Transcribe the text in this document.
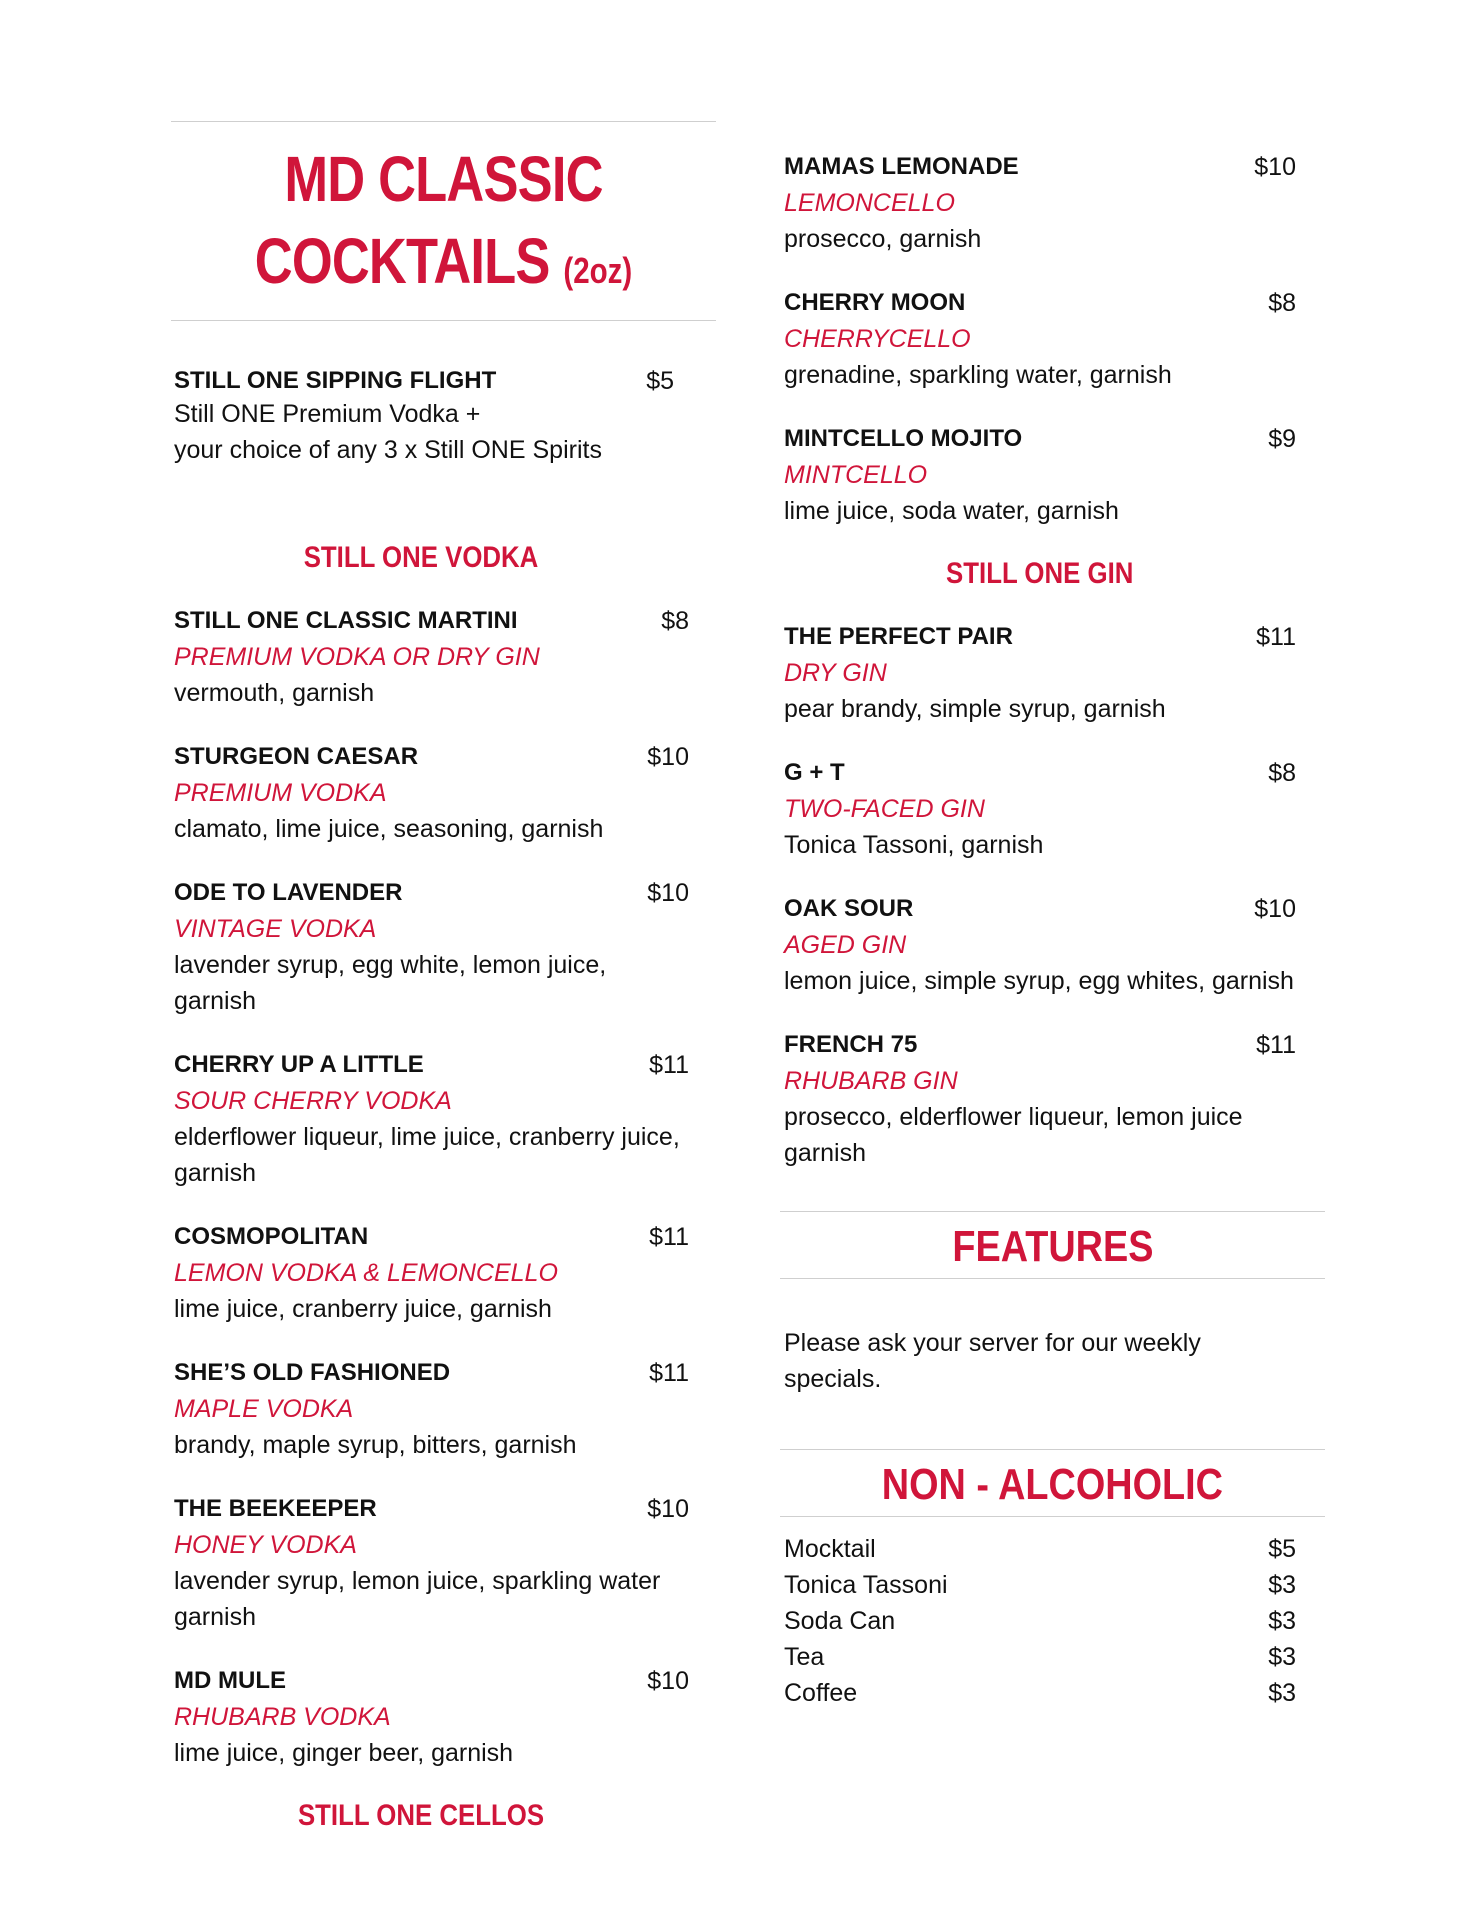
MD CLASSIC
COCKTAILS (2oz)
STILL ONE SIPPING FLIGHT	$5
Still ONE Premium Vodka +
your choice of any 3 x Still ONE Spirits
STILL ONE VODKA
STILL ONE CLASSIC MARTINI	$8
PREMIUM VODKA OR DRY GIN
vermouth, garnish
STURGEON CAESAR	$10
PREMIUM VODKA
clamato, lime juice, seasoning, garnish
ODE TO LAVENDER	$10
VINTAGE VODKA
lavender syrup, egg white, lemon juice, garnish
CHERRY UP A LITTLE	$11
SOUR CHERRY VODKA
elderflower liqueur, lime juice, cranberry juice, garnish
COSMOPOLITAN	$11
LEMON VODKA & LEMONCELLO
lime juice, cranberry juice, garnish
SHE’S OLD FASHIONED	$11
MAPLE VODKA
brandy, maple syrup, bitters, garnish
THE BEEKEEPER	$10
HONEY VODKA
lavender syrup, lemon juice, sparkling water garnish
MD MULE	$10
RHUBARB VODKA
lime juice, ginger beer, garnish
STILL ONE CELLOS
MAMAS LEMONADE	$10
LEMONCELLO
prosecco, garnish
CHERRY MOON	$8
CHERRYCELLO
grenadine, sparkling water, garnish
MINTCELLO MOJITO	$9
MINTCELLO
lime juice, soda water, garnish
STILL ONE GIN
THE PERFECT PAIR	$11
DRY GIN
pear brandy, simple syrup, garnish
G + T	$8
TWO-FACED GIN
Tonica Tassoni, garnish
OAK SOUR	$10
AGED GIN
lemon juice, simple syrup, egg whites, garnish
FRENCH 75	$11
RHUBARB GIN
prosecco, elderflower liqueur, lemon juice garnish
FEATURES
Please ask your server for our weekly specials.
NON - ALCOHOLIC
Mocktail	$5
Tonica Tassoni	$3
Soda Can	$3
Tea	$3
Coffee	$3
